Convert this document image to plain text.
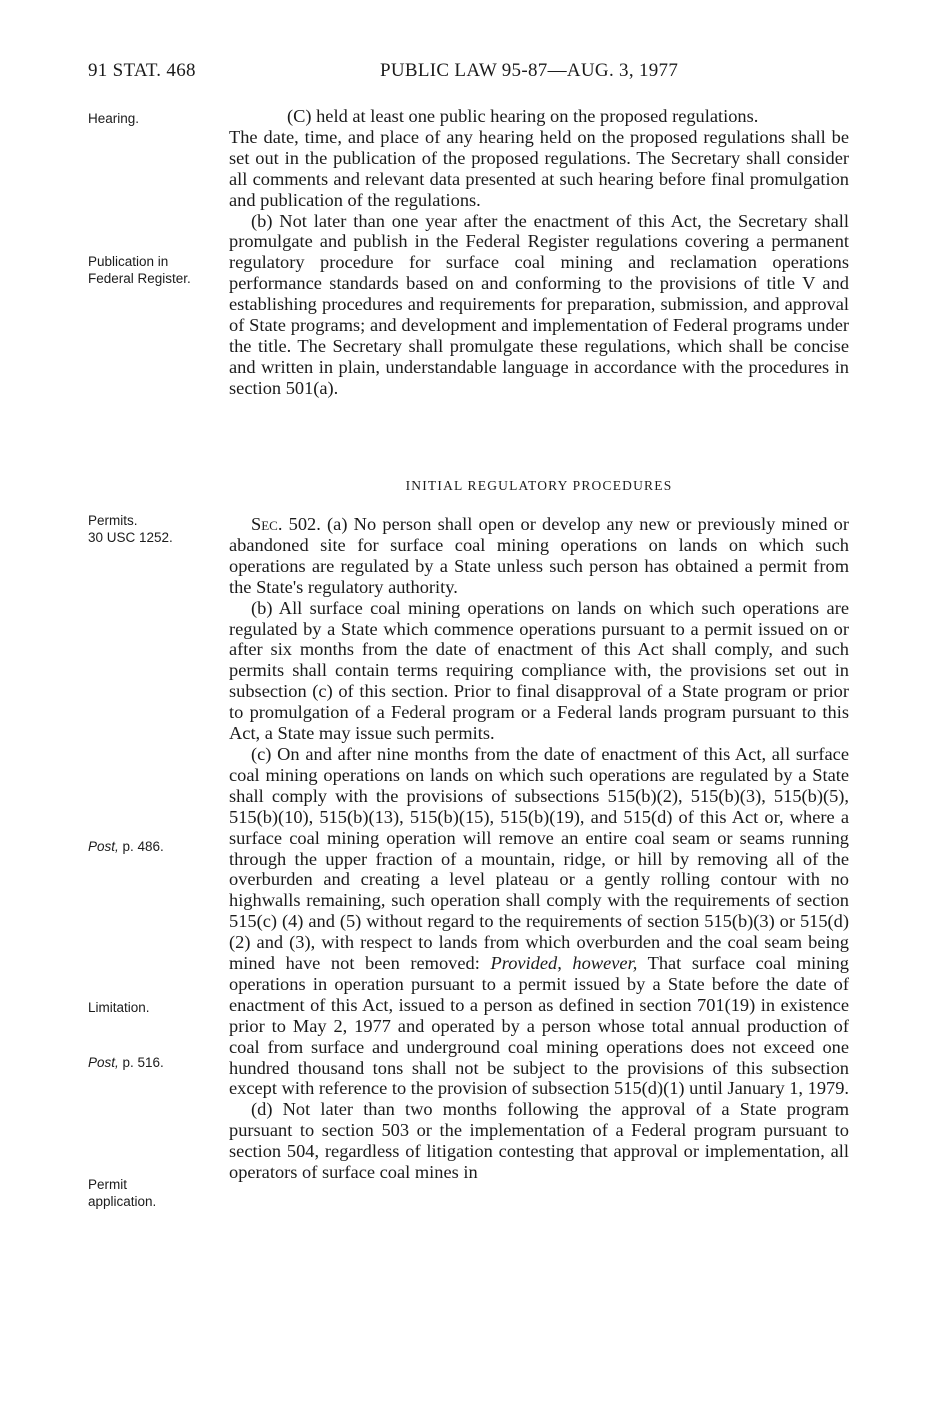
91 STAT. 468	PUBLIC LAW 95-87—AUG. 3, 1977
Hearing.
Publication in
Federal Register.
Permits.
30 USC 1252.
Post, p. 486.
Limitation.
Post, p. 516.
Permit
application.

(C) held at least one public hearing on the proposed regulations.

The date, time, and place of any hearing held on the proposed regulations shall be set out in the publication of the proposed regulations. The Secretary shall consider all comments and relevant data presented at such hearing before final promulgation and publication of the regulations.

(b) Not later than one year after the enactment of this Act, the Secretary shall promulgate and publish in the Federal Register regulations covering a permanent regulatory procedure for surface coal mining and reclamation operations performance standards based on and conforming to the provisions of title V and establishing procedures and requirements for preparation, submission, and approval of State programs; and development and implementation of Federal programs under the title. The Secretary shall promulgate these regulations, which shall be concise and written in plain, understandable language in accordance with the procedures in section 501(a).

INITIAL REGULATORY PROCEDURES

Sec. 502. (a) No person shall open or develop any new or previously mined or abandoned site for surface coal mining operations on lands on which such operations are regulated by a State unless such person has obtained a permit from the State's regulatory authority.

(b) All surface coal mining operations on lands on which such operations are regulated by a State which commence operations pursuant to a permit issued on or after six months from the date of enactment of this Act shall comply, and such permits shall contain terms requiring compliance with, the provisions set out in subsection (c) of this section. Prior to final disapproval of a State program or prior to promulgation of a Federal program or a Federal lands program pursuant to this Act, a State may issue such permits.

(c) On and after nine months from the date of enactment of this Act, all surface coal mining operations on lands on which such operations are regulated by a State shall comply with the provisions of subsections 515(b)(2), 515(b)(3), 515(b)(5), 515(b)(10), 515(b)(13), 515(b)(15), 515(b)(19), and 515(d) of this Act or, where a surface coal mining operation will remove an entire coal seam or seams running through the upper fraction of a mountain, ridge, or hill by removing all of the overburden and creating a level plateau or a gently rolling contour with no highwalls remaining, such operation shall comply with the requirements of section 515(c) (4) and (5) without regard to the requirements of section 515(b)(3) or 515(d) (2) and (3), with respect to lands from which overburden and the coal seam being mined have not been removed: Provided, however, That surface coal mining operations in operation pursuant to a permit issued by a State before the date of enactment of this Act, issued to a person as defined in section 701(19) in existence prior to May 2, 1977 and operated by a person whose total annual production of coal from surface and underground coal mining operations does not exceed one hundred thousand tons shall not be subject to the provisions of this subsection except with reference to the provision of subsection 515(d)(1) until January 1, 1979.

(d) Not later than two months following the approval of a State program pursuant to section 503 or the implementation of a Federal program pursuant to section 504, regardless of litigation contesting that approval or implementation, all operators of surface coal mines in
